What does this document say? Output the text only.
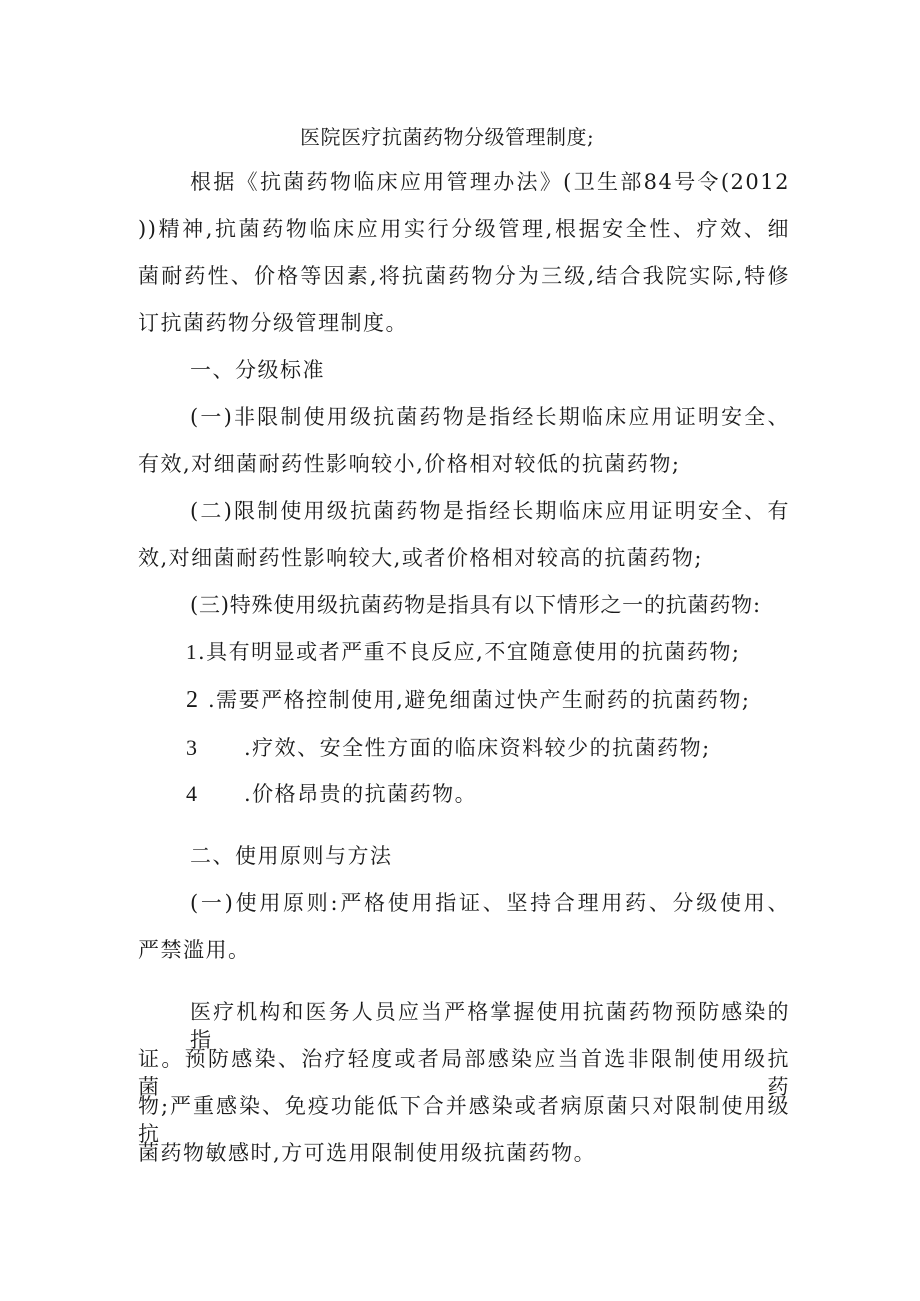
医院医疗抗菌药物分级管理制度;
根据《抗菌药物临床应用管理办法》(卫生部84号令(2012
))精神,抗菌药物临床应用实行分级管理,根据安全性、疗效、细
菌耐药性、价格等因素,将抗菌药物分为三级,结合我院实际,特修
订抗菌药物分级管理制度。
一、分级标准
(一)非限制使用级抗菌药物是指经长期临床应用证明安全、
有效,对细菌耐药性影响较小,价格相对较低的抗菌药物;
(二)限制使用级抗菌药物是指经长期临床应用证明安全、有
效,对细菌耐药性影响较大,或者价格相对较高的抗菌药物;
(三)特殊使用级抗菌药物是指具有以下情形之一的抗菌药物:
1.具有明显或者严重不良反应,不宜随意使用的抗菌药物;
2 .需要严格控制使用,避免细菌过快产生耐药的抗菌药物;
3 .疗效、安全性方面的临床资料较少的抗菌药物;
4 .价格昂贵的抗菌药物。
二、使用原则与方法
(一)使用原则:严格使用指证、坚持合理用药、分级使用、
严禁滥用。
医疗机构和医务人员应当严格掌握使用抗菌药物预防感染的指
证。预防感染、治疗轻度或者局部感染应当首选非限制使用级抗菌药
物;严重感染、免疫功能低下合并感染或者病原菌只对限制使用级抗
菌药物敏感时,方可选用限制使用级抗菌药物。
